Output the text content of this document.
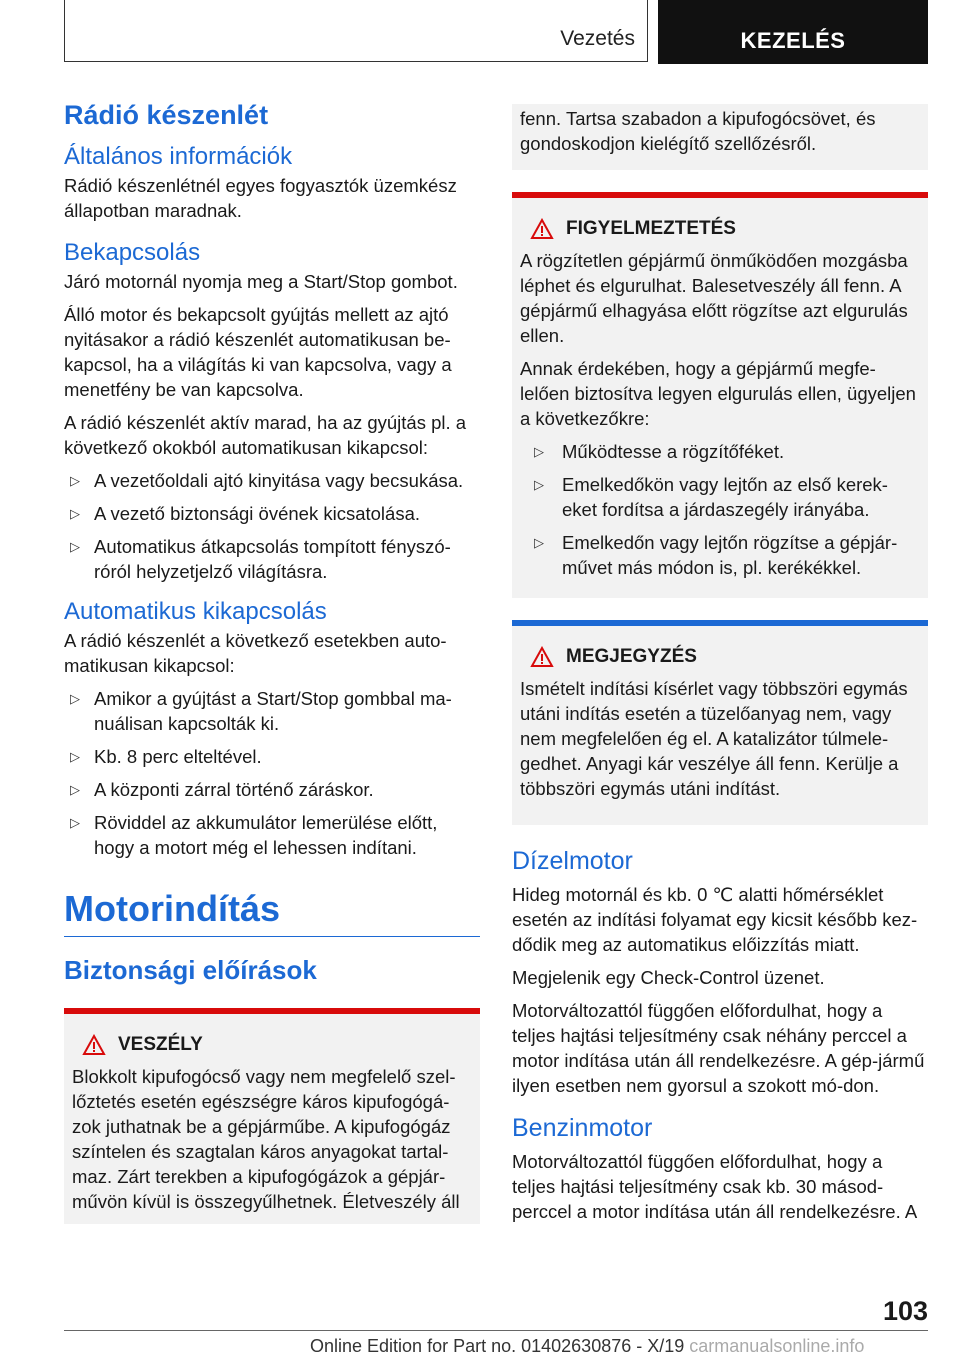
Vezetés	KEZELÉS
Rádió készenlét
Általános információk

Rádió készenlétnél egyes fogyasztók üzemkész állapotban maradnak.

Bekapcsolás

Járó motornál nyomja meg a Start/Stop gombot.

Álló motor és bekapcsolt gyújtás mellett az ajtó nyitásakor a rádió készenlét automatikusan be-kapcsol, ha a világítás ki van kapcsolva, vagy a menetfény be van kapcsolva.

A rádió készenlét aktív marad, ha az gyújtás pl. a következő okokból automatikusan kikapcsol:

▷ A vezetőoldali ajtó kinyitása vagy becsukása.
▷ A vezető biztonsági övének kicsatolása.
▷ Automatikus átkapcsolás tompított fényszó-róról helyzetjelző világításra.
Automatikus kikapcsolás

A rádió készenlét a következő esetekben auto-matikusan kikapcsol:

▷ Amikor a gyújtást a Start/Stop gombbal ma-nuálisan kapcsolták ki.
▷ Kb. 8 perc elteltével.
▷ A központi zárral történő záráskor.
▷ Röviddel az akkumulátor lemerülése előtt, hogy a motort még el lehessen indítani.
Motorindítás
Biztonsági előírások
VESZÉLY

Blokkolt kipufogócső vagy nem megfelelő szel-lőztetés esetén egészségre káros kipufogógá-zok juthatnak be a gépjárműbe. A kipufogógáz színtelen és szagtalan káros anyagokat tartal-maz. Zárt terekben a kipufogógázok a gépjár-művön kívül is összegyűlhetnek. Életveszély áll

fenn. Tartsa szabadon a kipufogócsövet, és gondoskodjon kielégítő szellőzésről.

FIGYELMEZTETÉS

A rögzítetlen gépjármű önműködően mozgásba léphet és elgurulhat. Balesetveszély áll fenn. A gépjármű elhagyása előtt rögzítse azt elgurulás ellen.

Annak érdekében, hogy a gépjármű megfe-lelően biztosítva legyen elgurulás ellen, ügyeljen a következőkre:

▷ Működtesse a rögzítőféket.
▷ Emelkedőkön vagy lejtőn az első kerek-eket fordítsa a járdaszegély irányába.
▷ Emelkedőn vagy lejtőn rögzítse a gépjár-művet más módon is, pl. kerékékkel.
MEGJEGYZÉS

Ismételt indítási kísérlet vagy többszöri egymás utáni indítás esetén a tüzelőanyag nem, vagy nem megfelelően ég el. A katalizátor túlmele-gedhet. Anyagi kár veszélye áll fenn. Kerülje a többszöri egymás utáni indítást.

Dízelmotor

Hideg motornál és kb. 0 ℃ alatti hőmérséklet esetén az indítási folyamat egy kicsit később kez-dődik meg az automatikus előizzítás miatt.

Megjelenik egy Check-Control üzenet.

Motorváltozattól függően előfordulhat, hogy a teljes hajtási teljesítmény csak néhány perccel a motor indítása után áll rendelkezésre. A gép-jármű ilyen esetben nem gyorsul a szokott mó-don.

Benzinmotor

Motorváltozattól függően előfordulhat, hogy a teljes hajtási teljesítmény csak kb. 30 másod-perccel a motor indítása után áll rendelkezésre. A

103
Online Edition for Part no. 01402630876 - X/19 carmanualsonline.info
